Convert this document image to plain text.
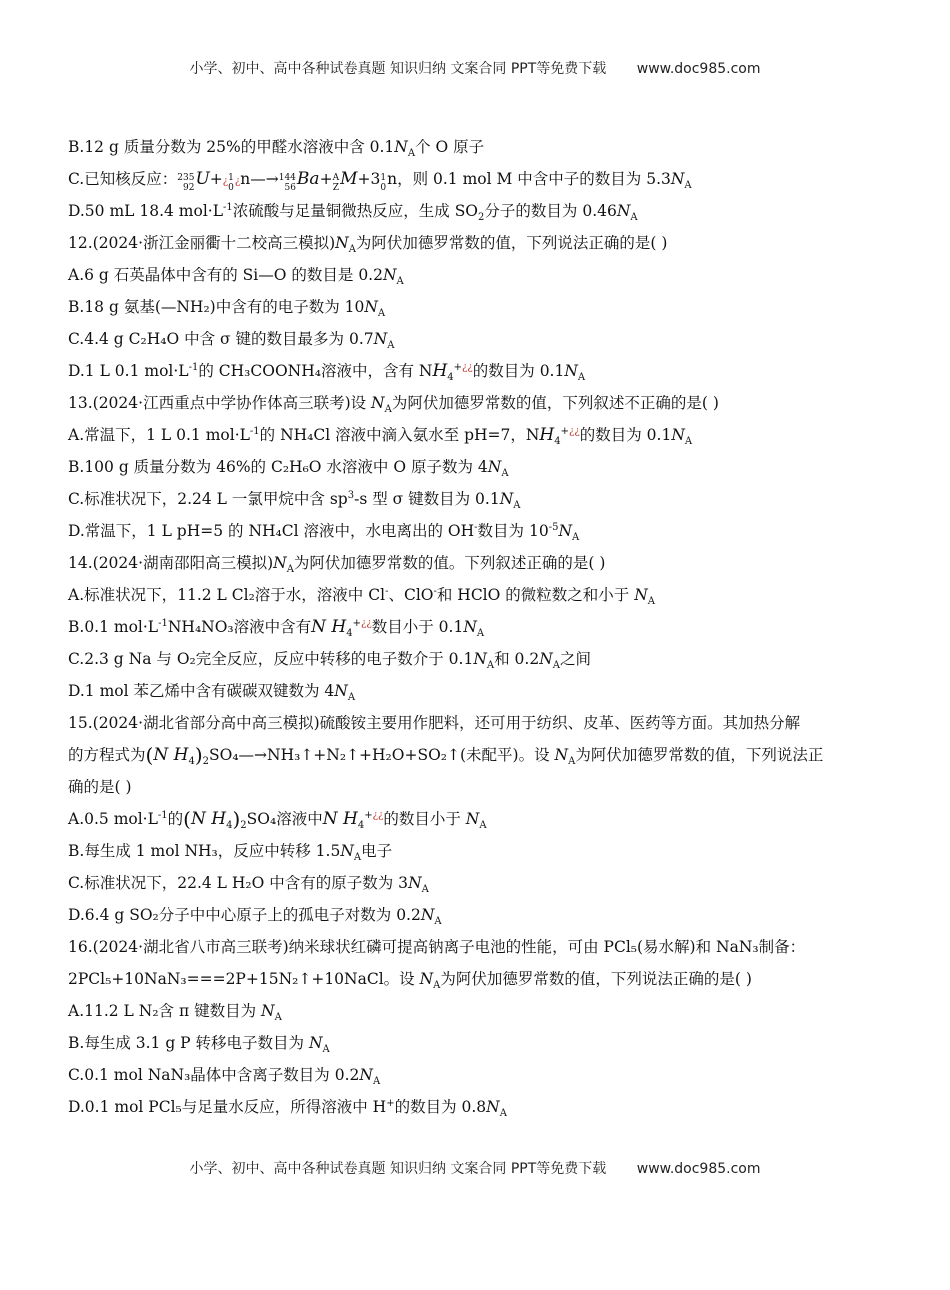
小学、初中、高中各种试卷真题 知识归纳 文案合同 PPT等免费下载 www.doc985.com
B.12 g 质量分数为 25%的甲醛水溶液中含 $0.1N_A$个 O 原子
C.已知核反应：235
92U+¿1
0¿n—→144
56Ba+A
ZM+31
0n，则 0.1 mol M 中含中子的数目为 $5.3N_A$
D.50 mL 18.4 $mol\cdot L^{-1}$浓硫酸与足量铜微热反应，生成 $SO_2$分子的数目为 $0.46N_A$
12.(2024·浙江金丽衢十二校高三模拟)$N_A$为阿伏加德罗常数的值，下列说法正确的是( )
A.6 g 石英晶体中含有的 Si—O 的数目是 $0.2N_A$
B.18 g 氨基(—NH₂)中含有的电子数为 $10N_A$
C.4.4 g C₂H₄O 中含 σ 键的数目最多为 $0.7N_A$
D.1 L 0.1 $mol\cdot L^{-1}$的 CH₃COONH₄溶液中，含有 $NH_4^{+¿¿}$的数目为 $0.1N_A$
13.(2024·江西重点中学协作体高三联考)设 $N_A$为阿伏加德罗常数的值，下列叙述不正确的是( )
A.常温下，1 L 0.1 $mol\cdot L^{-1}$的 NH₄Cl 溶液中滴入氨水至 pH=7，$NH_4^{+¿¿}$的数目为 $0.1N_A$
B.100 g 质量分数为 46%的 C₂H₆O 水溶液中 O 原子数为 $4N_A$
C.标准状况下，2.24 L 一氯甲烷中含 $sp^3-s$ 型 σ 键数目为 $0.1N_A$
D.常温下，1 L pH=5 的 NH₄Cl 溶液中，水电离出的 OH-数目为 $10^{-5}N_A$
14.(2024·湖南邵阳高三模拟)$N_A$为阿伏加德罗常数的值。下列叙述正确的是( )
A.标准状况下，11.2 L Cl₂溶于水，溶液中 Cl-、ClO-和 HClO 的微粒数之和小于 $N_A$
B.0.1 $mol\cdot L^{-1}NH_4NO_3$溶液中含有N $H_4^{+¿¿}$数目小于 $0.1N_A$
C.2.3 g Na 与 O₂完全反应，反应中转移的电子数介于 $0.1N_A$和 $0.2N_A$之间
D.1 mol 苯乙烯中含有碳碳双键数为 $4N_A$
15.(2024·湖北省部分高中高三模拟)硫酸铵主要用作肥料，还可用于纺织、皮革、医药等方面。其加热分解
的方程式为(N $H_4)_2SO_4—\to NH_3↑+N_2↑+H_2O+SO_2↑$(未配平)。设 $N_A$为阿伏加德罗常数的值，下列说法正
确的是( )
A.0.5 $mol\cdot L^{-1}$的(N $H_4)_2SO_4$溶液中N $H_4^{+¿¿}$的数目小于 $N_A$
B.每生成 1 mol NH₃，反应中转移 $1.5N_A$电子
C.标准状况下，22.4 L H₂O 中含有的原子数为 $3N_A$
D.6.4 g SO₂分子中中心原子上的孤电子对数为 $0.2N_A$
16.(2024·湖北省八市高三联考)纳米球状红磷可提高钠离子电池的性能，可由 PCl₅(易水解)和 NaN₃制备：
2PCl₅+10NaN₃===2P+15N₂↑+10NaCl。设 $N_A$为阿伏加德罗常数的值，下列说法正确的是( )
A.11.2 L N₂含 π 键数目为 $N_A$
B.每生成 3.1 g P 转移电子数目为 $N_A$
C.0.1 mol NaN₃晶体中含离子数目为 $0.2N_A$
D.0.1 mol PCl₅与足量水反应，所得溶液中 H+的数目为 $0.8N_A$
小学、初中、高中各种试卷真题 知识归纳 文案合同 PPT等免费下载 www.doc985.com
